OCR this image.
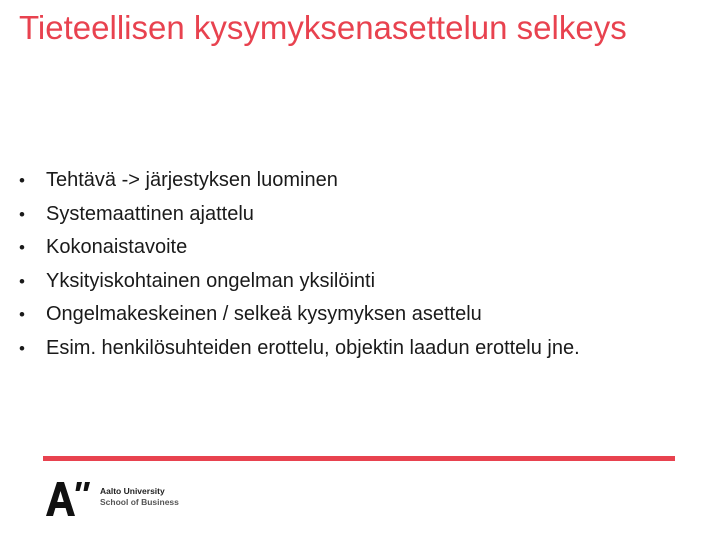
Tieteellisen kysymyksenasettelun selkeys
• Tehtävä -> järjestyksen luominen
• Systemaattinen ajattelu
• Kokonaistavoite
• Yksityiskohtainen ongelman yksilöinti
• Ongelmakeskeinen / selkeä kysymyksen asettelu
• Esim. henkilösuhteiden erottelu, objektin laadun erottelu jne.
Aalto University
School of Business
